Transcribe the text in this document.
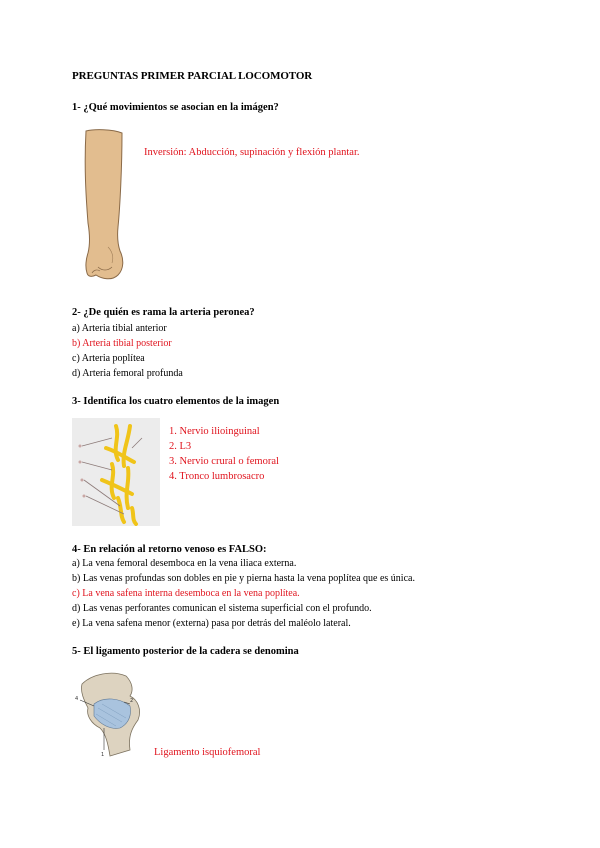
PREGUNTAS PRIMER PARCIAL LOCOMOTOR
1- ¿Qué movimientos se asocian en la imágen?
Inversión: Abducción, supinación y flexión plantar.
2- ¿De quién es rama la arteria peronea?
a) Arteria tibial anterior
b) Arteria tibial posterior
c) Arteria poplítea
d) Arteria femoral profunda
3- Identifica los cuatro elementos de la imagen
1. Nervio ilioinguinal
2. L3
3. Nervio crural o femoral
4. Tronco lumbrosacro
4- En relación al retorno venoso es FALSO:
a) La vena femoral desemboca en la vena iliaca externa.
b) Las venas profundas son dobles en pie y pierna hasta la vena poplítea que es única.
c) La vena safena interna desemboca en la vena poplítea.
d) Las venas perforantes comunican el sistema superficial con el profundo.
e) La vena safena menor (externa) pasa por detrás del maléolo lateral.
5- El ligamento posterior de la cadera se denomina
4	2
1	Ligamento isquiofemoral
